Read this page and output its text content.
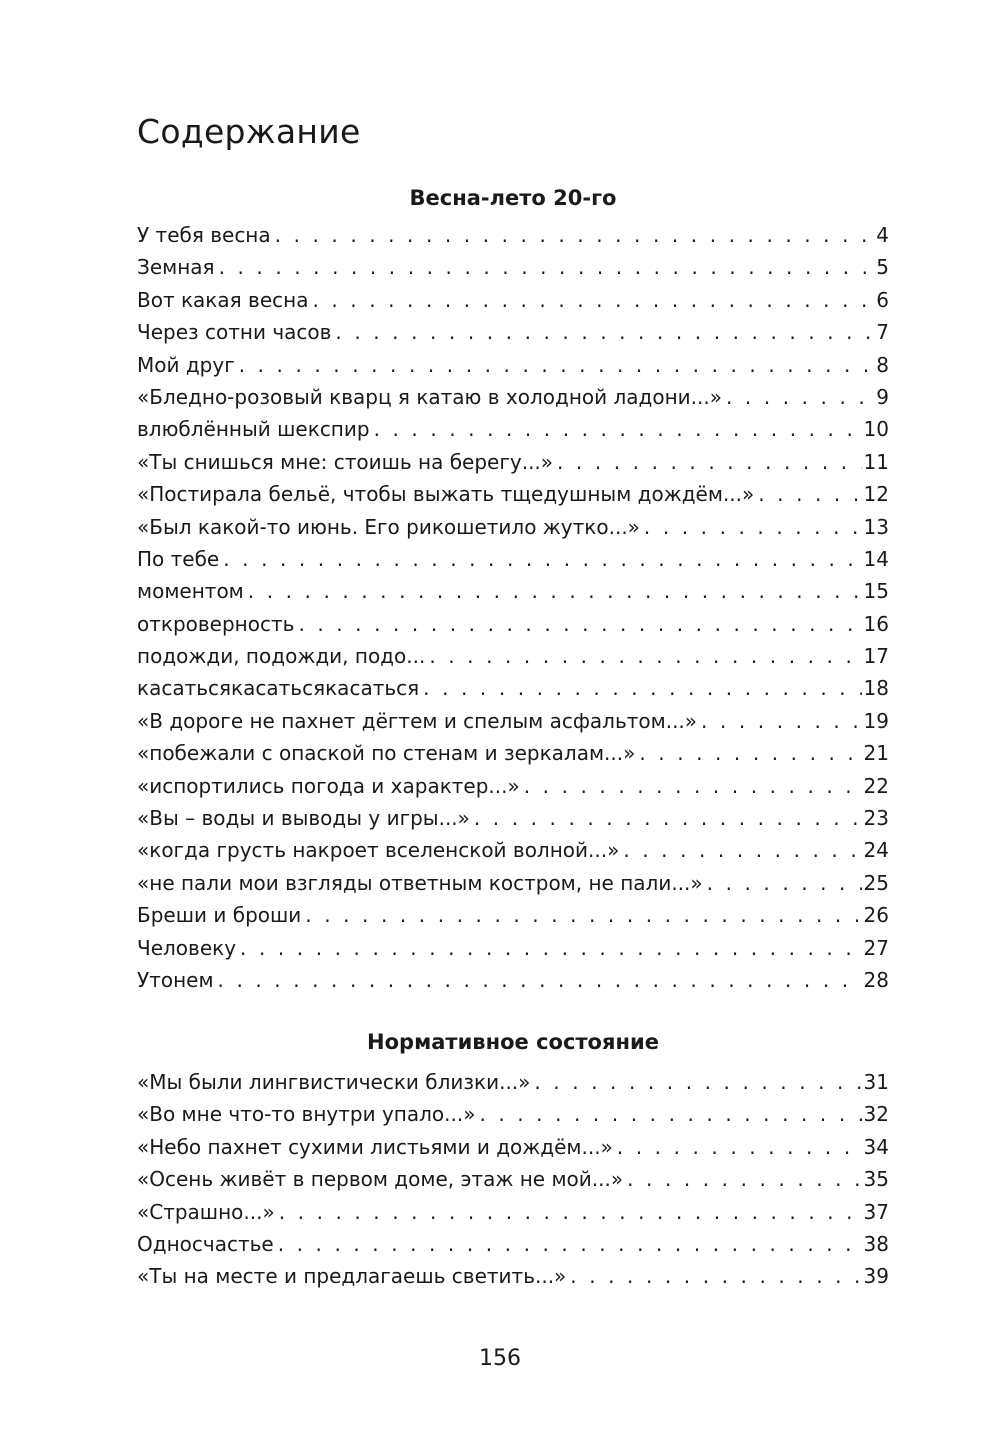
Содержание
Весна-лето 20-го
У тебя весна . . .	4
Земная . . .	5
Вот какая весна . . .	6
Через сотни часов . . .	7
Мой друг . . .	8
«Бледно-розовый кварц я катаю в холодной ладони...» . . .	9
влюблённый шекспир . . .	10
«Ты снишься мне: стоишь на берегу...» . . .	11
«Постирала бельё, чтобы выжать тщедушным дождём...» . . .	12
«Был какой-то июнь. Его рикошетило жутко...» . . .	13
По тебе . . .	14
моментом . . .	15
откроверность . . .	16
подожди, подожди, подо... . . .	17
касатьсякасатьсякасаться . . .	18
«В дороге не пахнет дёгтем и спелым асфальтом...» . . .	19
«побежали с опаской по стенам и зеркалам...» . . .	21
«испортились погода и характер...» . . .	22
«Вы – воды и выводы у игры...» . . .	23
«когда грусть накроет вселенской волной...» . . .	24
«не пали мои взгляды ответным костром, не пали...» . . .	25
Бреши и броши . . .	26
Человеку . . .	27
Утонем . . .	28
Нормативное состояние
«Мы были лингвистически близки...» . . .	31
«Во мне что-то внутри упало...» . . .	32
«Небо пахнет сухими листьями и дождём...» . . .	34
«Осень живёт в первом доме, этаж не мой...» . . .	35
«Страшно...» . . .	37
Односчастье . . .	38
«Ты на месте и предлагаешь светить...» . . .	39

156
